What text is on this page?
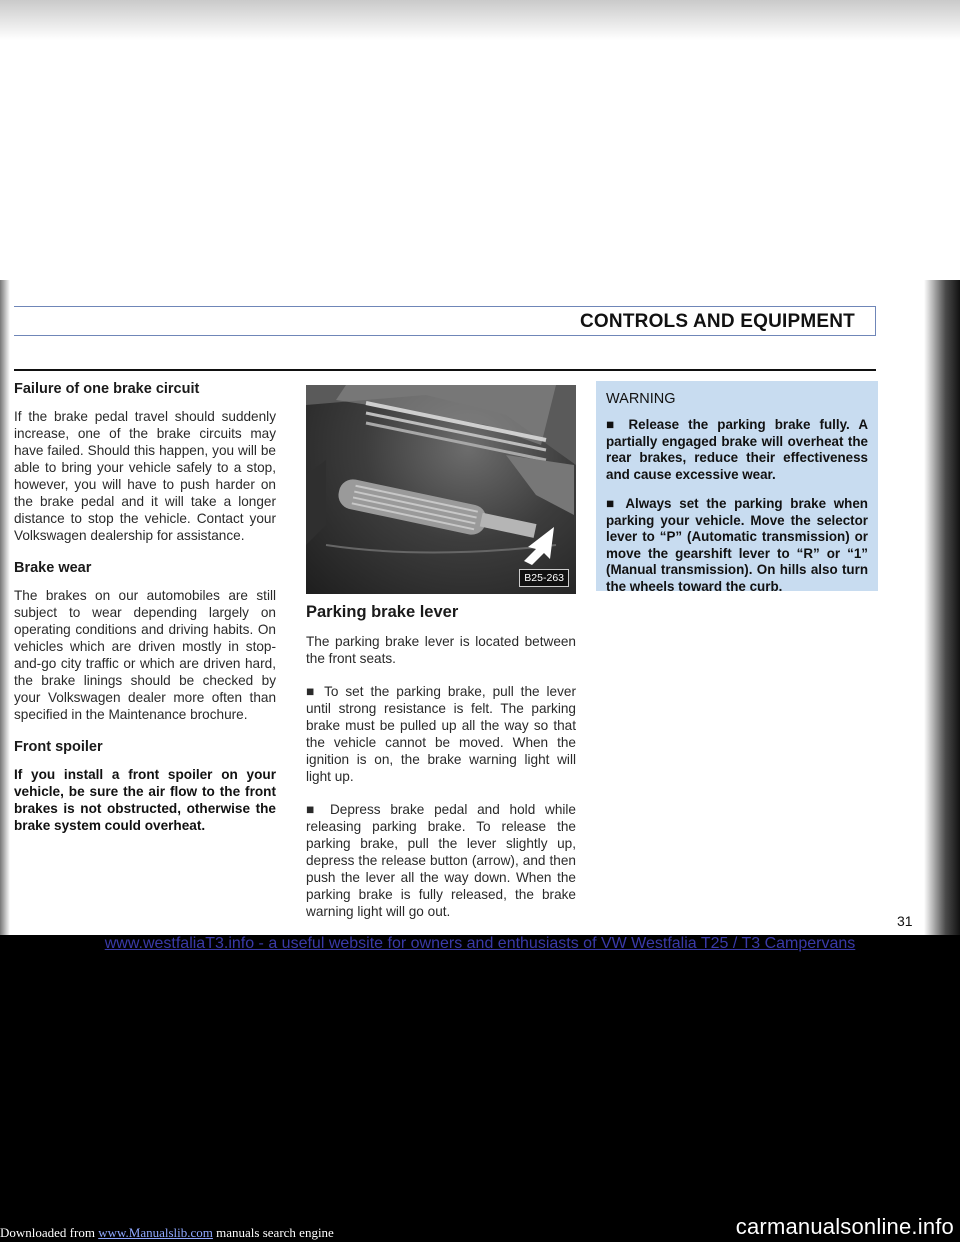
CONTROLS AND EQUIPMENT
Failure of one brake circuit

If the brake pedal travel should suddenly increase, one of the brake circuits may have failed. Should this happen, you will be able to bring your vehicle safely to a stop, however, you will have to push harder on the brake pedal and it will take a longer distance to stop the vehicle. Contact your Volkswagen dealership for assistance.

Brake wear

The brakes on our automobiles are still subject to wear depending largely on operating conditions and driving habits. On vehicles which are driven mostly in stop-and-go city traffic or which are driven hard, the brake linings should be checked by your Volkswagen dealer more often than specified in the Maintenance brochure.

Front spoiler

If you install a front spoiler on your vehicle, be sure the air flow to the front brakes is not obstructed, otherwise the brake system could overheat.

B25-263
Parking brake lever

The parking brake lever is located between the front seats.

■ To set the parking brake, pull the lever until strong resistance is felt. The parking brake must be pulled up all the way so that the vehicle cannot be moved. When the ignition is on, the brake warning light will light up.

■ Depress brake pedal and hold while releasing parking brake. To release the parking brake, pull the lever slightly up, depress the release button (arrow), and then push the lever all the way down. When the parking brake is fully released, the brake warning light will go out.

WARNING

■ Release the parking brake fully. A partially engaged brake will overheat the rear brakes, reduce their effectiveness and cause excessive wear.

■ Always set the parking brake when parking your vehicle. Move the selector lever to “P” (Automatic transmission) or move the gearshift lever to “R” or “1” (Manual transmission). On hills also turn the wheels toward the curb.

31
www.westfaliaT3.info - a useful website for owners and enthusiasts of VW Westfalia T25 / T3 Campervans
Downloaded from www.Manualslib.com manuals search engine	carmanualsonline.info
